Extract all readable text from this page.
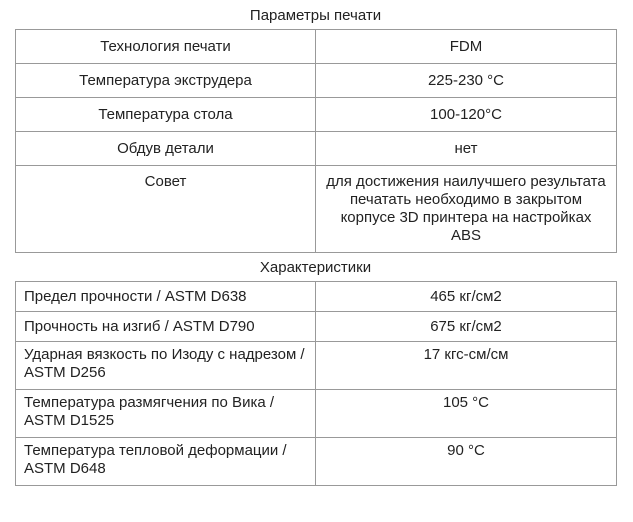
Параметры печати
Технология печати	FDM
Температура экструдера	225-230 °C
Температура стола	100-120°C
Обдув детали	нет
Совет	для достижения наилучшего результата печатать необходимо в закрытом корпусе 3D принтера на настройках ABS
Характеристики
Предел прочности / ASTM D638	465 кг/см2
Прочность на изгиб / ASTM D790	675 кг/см2
Ударная вязкость по Изоду с надрезом / ASTM D256	17 кгс-см/см
Температура размягчения по Вика / ASTM D1525	105 °C
Температура тепловой деформации / ASTM D648	90 °C
